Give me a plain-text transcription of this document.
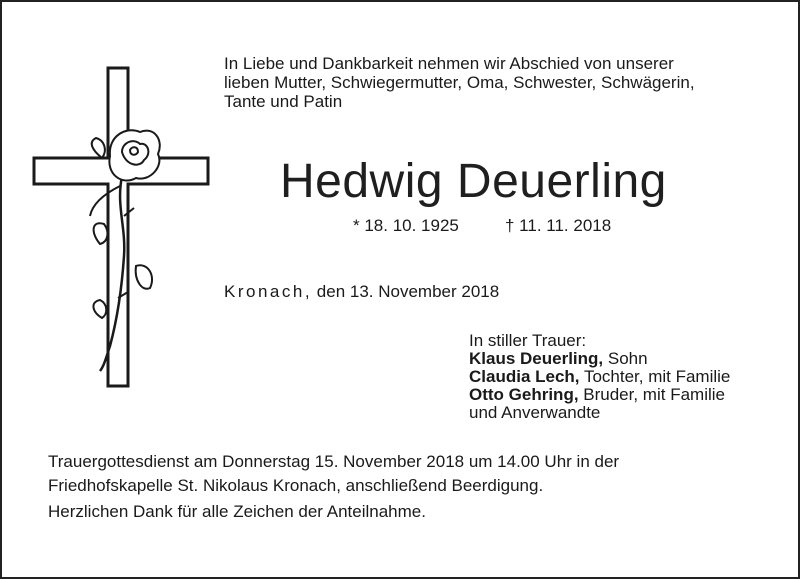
In Liebe und Dankbarkeit nehmen wir Abschied von unserer
lieben Mutter, Schwiegermutter, Oma, Schwester, Schwägerin,
Tante und Patin
Hedwig Deuerling
* 18. 10. 1925	† 11. 11. 2018
Kronach, den 13. November 2018
In stiller Trauer:
Klaus Deuerling, Sohn
Claudia Lech, Tochter, mit Familie
Otto Gehring, Bruder, mit Familie
und Anverwandte
Trauergottesdienst am Donnerstag 15. November 2018 um 14.00 Uhr in der
Friedhofskapelle St. Nikolaus Kronach, anschließend Beerdigung.
Herzlichen Dank für alle Zeichen der Anteilnahme.
